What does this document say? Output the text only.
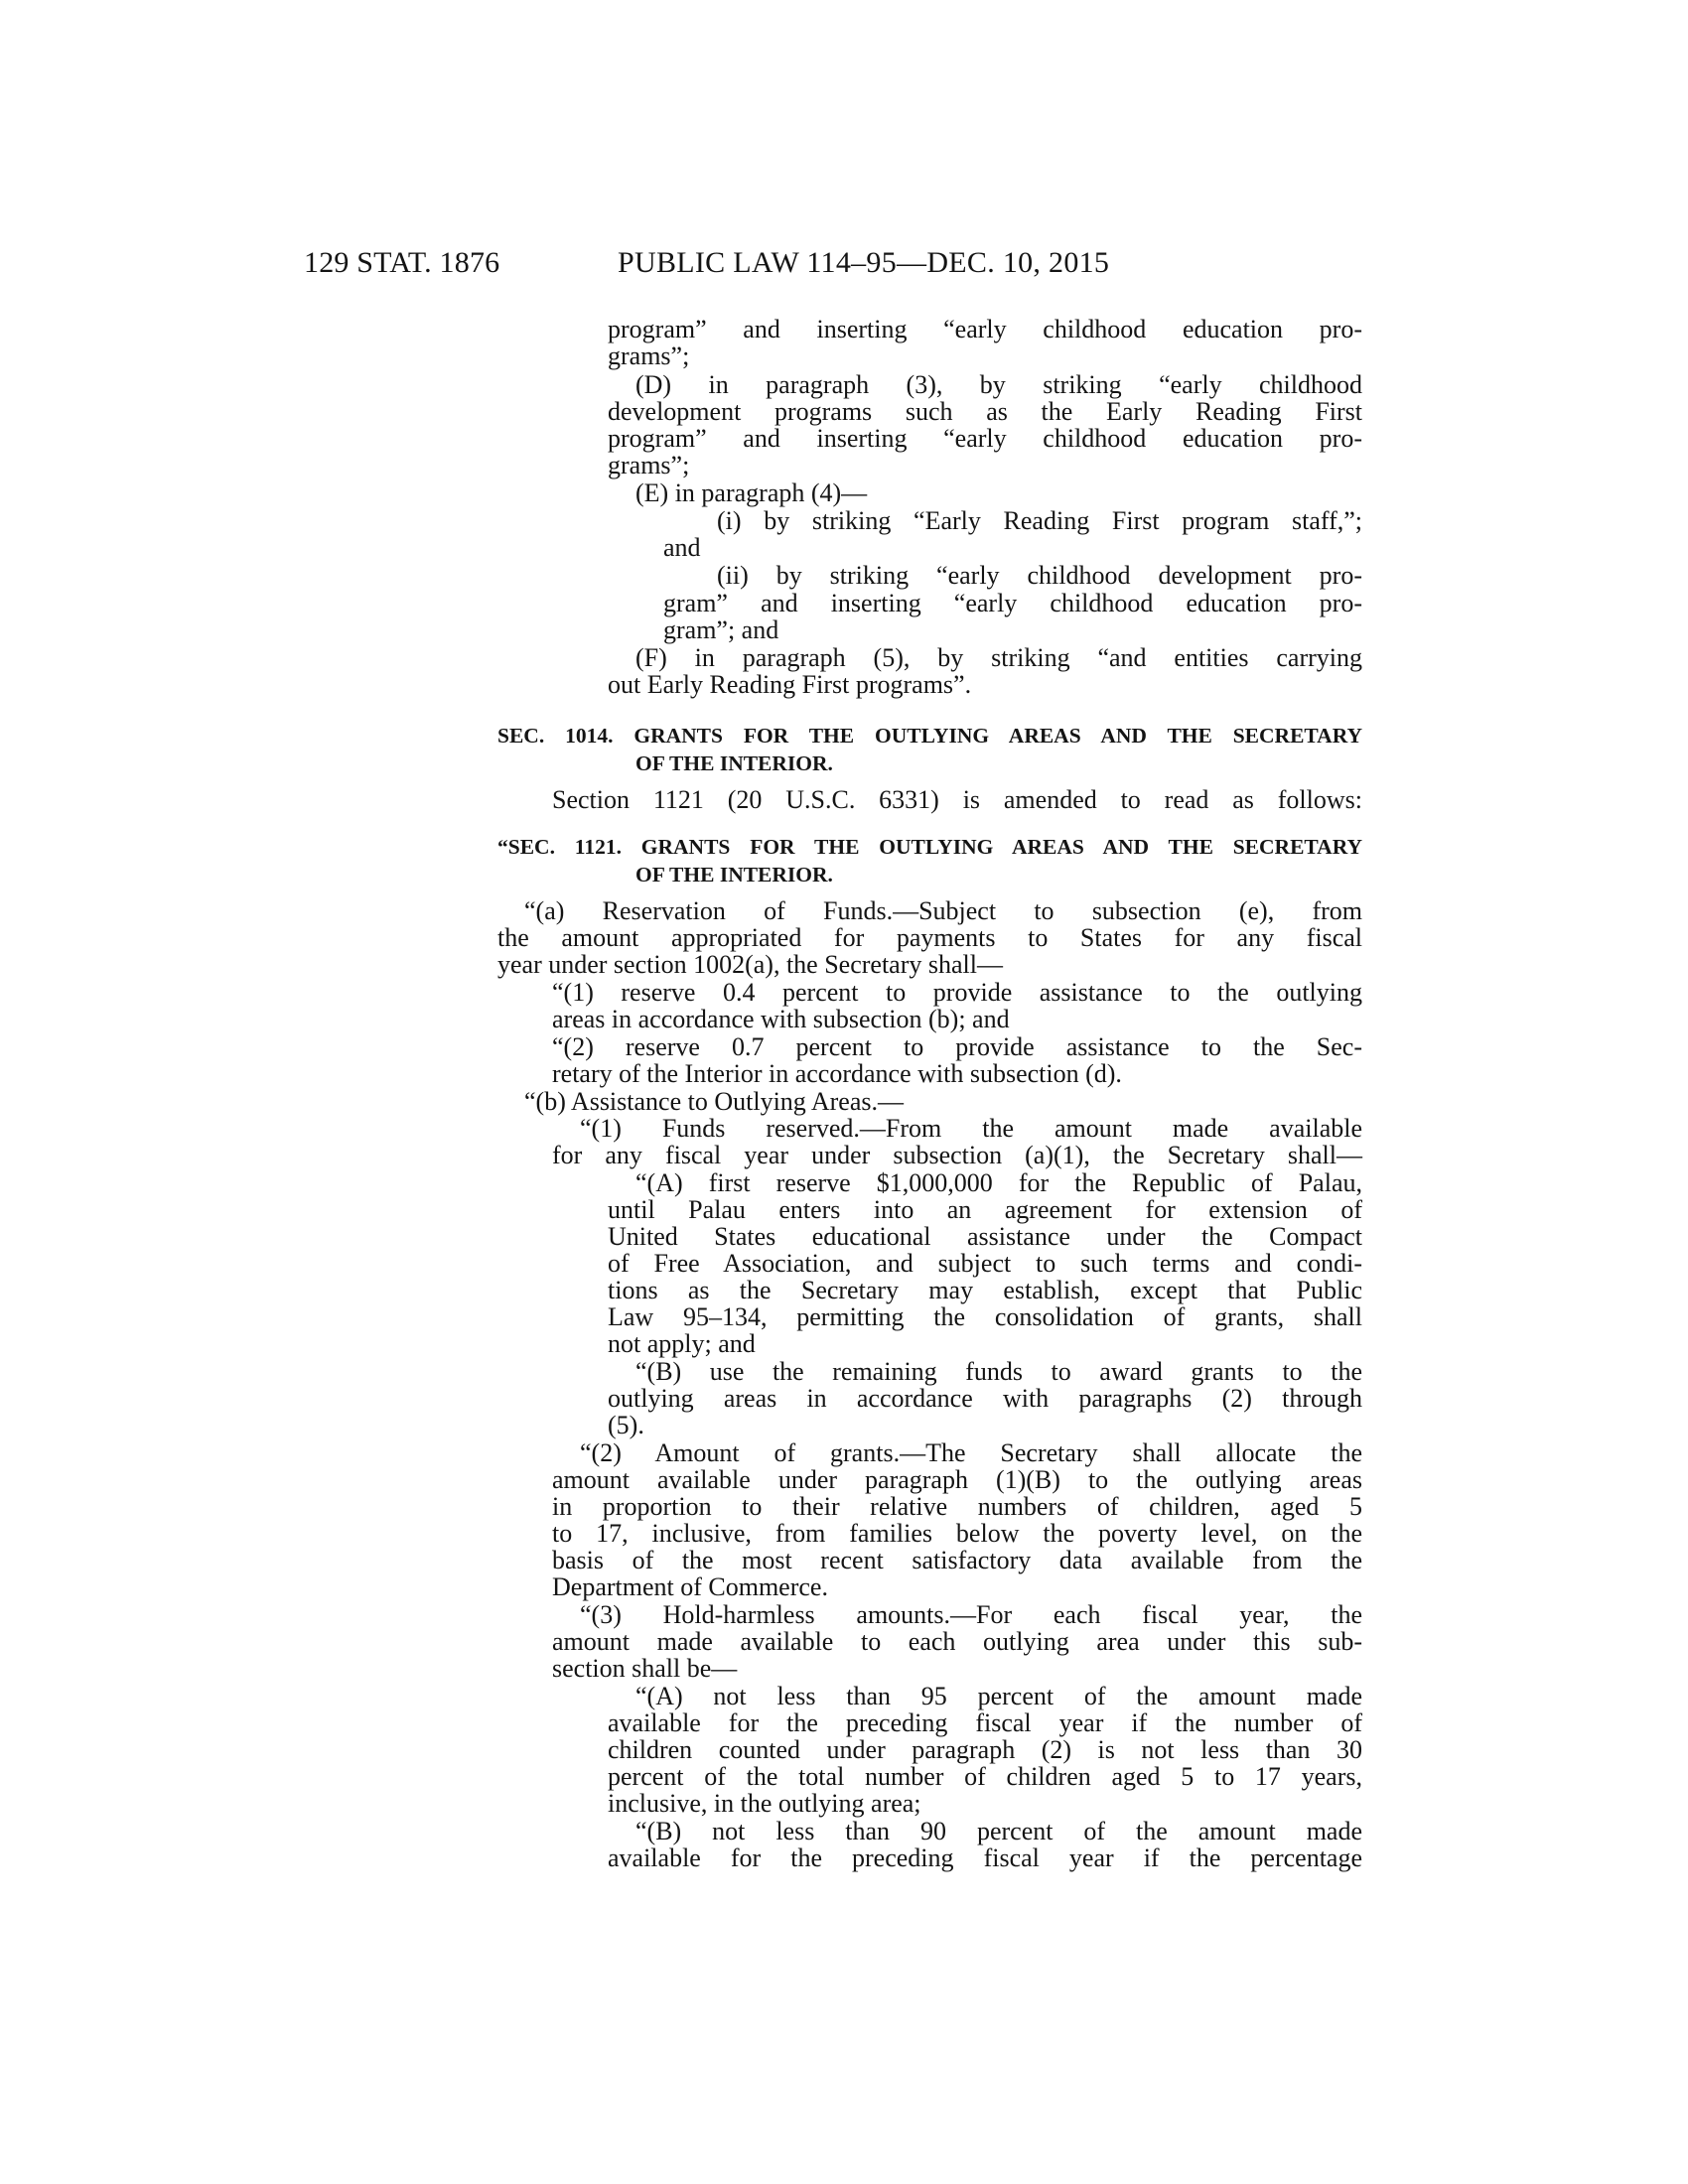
129 STAT. 1876	PUBLIC LAW 114–95—DEC. 10, 2015
program” and inserting “early childhood education pro-
grams”;
(D) in paragraph (3), by striking “early childhood
development programs such as the Early Reading First
program” and inserting “early childhood education pro-
grams”;
(E) in paragraph (4)—
(i) by striking “Early Reading First program staff,”;
and
(ii) by striking “early childhood development pro-
gram” and inserting “early childhood education pro-
gram”; and
(F) in paragraph (5), by striking “and entities carrying
out Early Reading First programs”.
SEC. 1014. GRANTS FOR THE OUTLYING AREAS AND THE SECRETARY
OF THE INTERIOR.
Section 1121 (20 U.S.C. 6331) is amended to read as follows:
“SEC. 1121. GRANTS FOR THE OUTLYING AREAS AND THE SECRETARY
OF THE INTERIOR.
“(a) Reservation of Funds.—Subject to subsection (e), from
the amount appropriated for payments to States for any fiscal
year under section 1002(a), the Secretary shall—
“(1) reserve 0.4 percent to provide assistance to the outlying
areas in accordance with subsection (b); and
“(2) reserve 0.7 percent to provide assistance to the Sec-
retary of the Interior in accordance with subsection (d).
“(b) Assistance to Outlying Areas.—
“(1) Funds reserved.—From the amount made available
for any fiscal year under subsection (a)(1), the Secretary shall—
“(A) first reserve $1,000,000 for the Republic of Palau,
until Palau enters into an agreement for extension of
United States educational assistance under the Compact
of Free Association, and subject to such terms and condi-
tions as the Secretary may establish, except that Public
Law 95–134, permitting the consolidation of grants, shall
not apply; and
“(B) use the remaining funds to award grants to the
outlying areas in accordance with paragraphs (2) through
(5).
“(2) Amount of grants.—The Secretary shall allocate the
amount available under paragraph (1)(B) to the outlying areas
in proportion to their relative numbers of children, aged 5
to 17, inclusive, from families below the poverty level, on the
basis of the most recent satisfactory data available from the
Department of Commerce.
“(3) Hold-harmless amounts.—For each fiscal year, the
amount made available to each outlying area under this sub-
section shall be—
“(A) not less than 95 percent of the amount made
available for the preceding fiscal year if the number of
children counted under paragraph (2) is not less than 30
percent of the total number of children aged 5 to 17 years,
inclusive, in the outlying area;
“(B) not less than 90 percent of the amount made
available for the preceding fiscal year if the percentage
